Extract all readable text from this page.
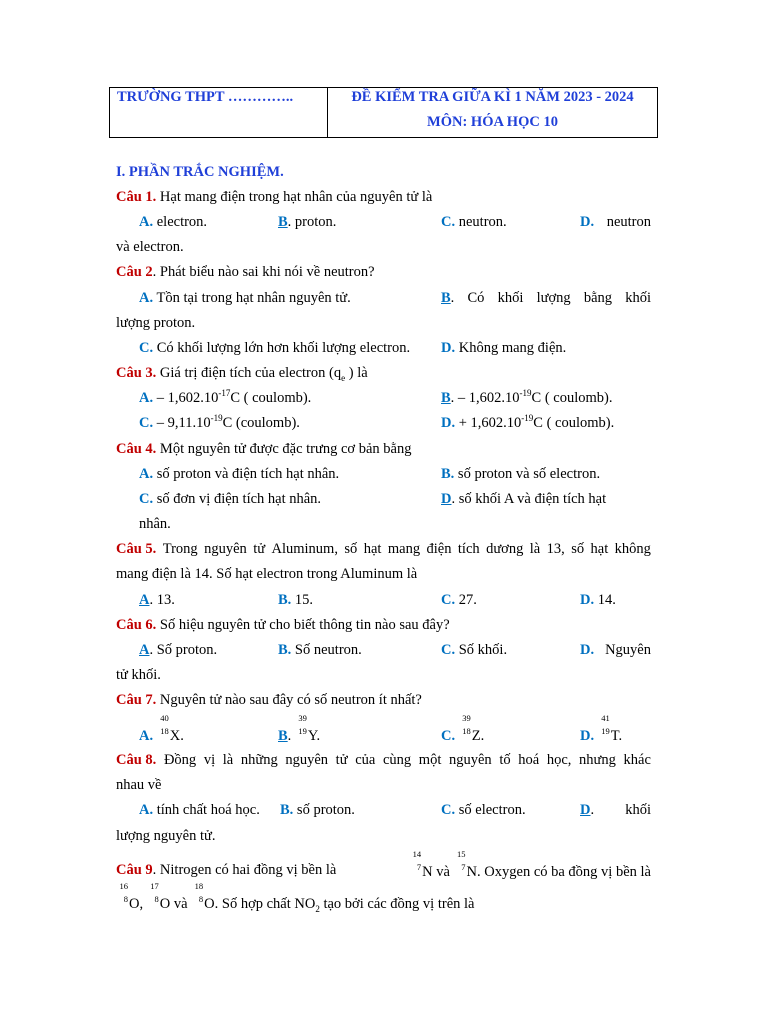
TRƯỜNG THPT …………..	ĐỀ KIỂM TRA GIỮA KÌ 1 NĂM 2023 - 2024
MÔN: HÓA HỌC 10
I. PHẦN TRẮC NGHIỆM.
Câu 1. Hạt mang điện trong hạt nhân của nguyên tử là
A. electron.	B. proton.	C. neutron.	D. neutron
và electron.
Câu 2. Phát biểu nào sai khi nói về neutron?
A. Tồn tại trong hạt nhân nguyên tử.	B. Có khối lượng bằng khối
lượng proton.
C. Có khối lượng lớn hơn khối lượng electron. D. Không mang điện.
Câu 3. Giá trị điện tích của electron ($q_e$ ) là
A. – $1,602.10^{-17}C$ ( coulomb).	B. – $1,602.10^{-19}C$ ( coulomb).
C. – $9,11.10^{-19}C$ (coulomb).	D. + $1,602.10^{-19}C$ ( coulomb).
Câu 4. Một nguyên tử được đặc trưng cơ bản bằng
A. số proton và điện tích hạt nhân.	B. số proton và số electron.
C. số đơn vị điện tích hạt nhân.	D. số khối A và điện tích hạt
nhân.
Câu 5. Trong nguyên tử Aluminum, số hạt mang điện tích dương là 13, số hạt không
mang điện là 14. Số hạt electron trong Aluminum là
A. 13.	B. 15.	C. 27.	D. 14.
Câu 6. Số hiệu nguyên tử cho biết thông tin nào sau đây?
A. Số proton.	B. Số neutron.	C. Số khối.	D. Nguyên
tử khối.
Câu 7. Nguyên tử nào sau đây có số neutron ít nhất?
A.
40
18 X.	B.
39
19 Y.	C.
39
18 Z.	D.
41
19 T.
Câu 8. Đồng vị là những nguyên tử của cùng một nguyên tố hoá học, nhưng khác
nhau về
A. tính chất hoá học. B. số proton.	C. số electron.	D. khối
lượng nguyên tử.
Câu 9. Nitrogen có hai đồng vị bền là
14
7 N và
15
7 N. Oxygen có ba đồng vị bền là
16
8 O,
17
8 O và
18
8 O. Số hợp chất $NO_2$ tạo bởi các đồng vị trên là
